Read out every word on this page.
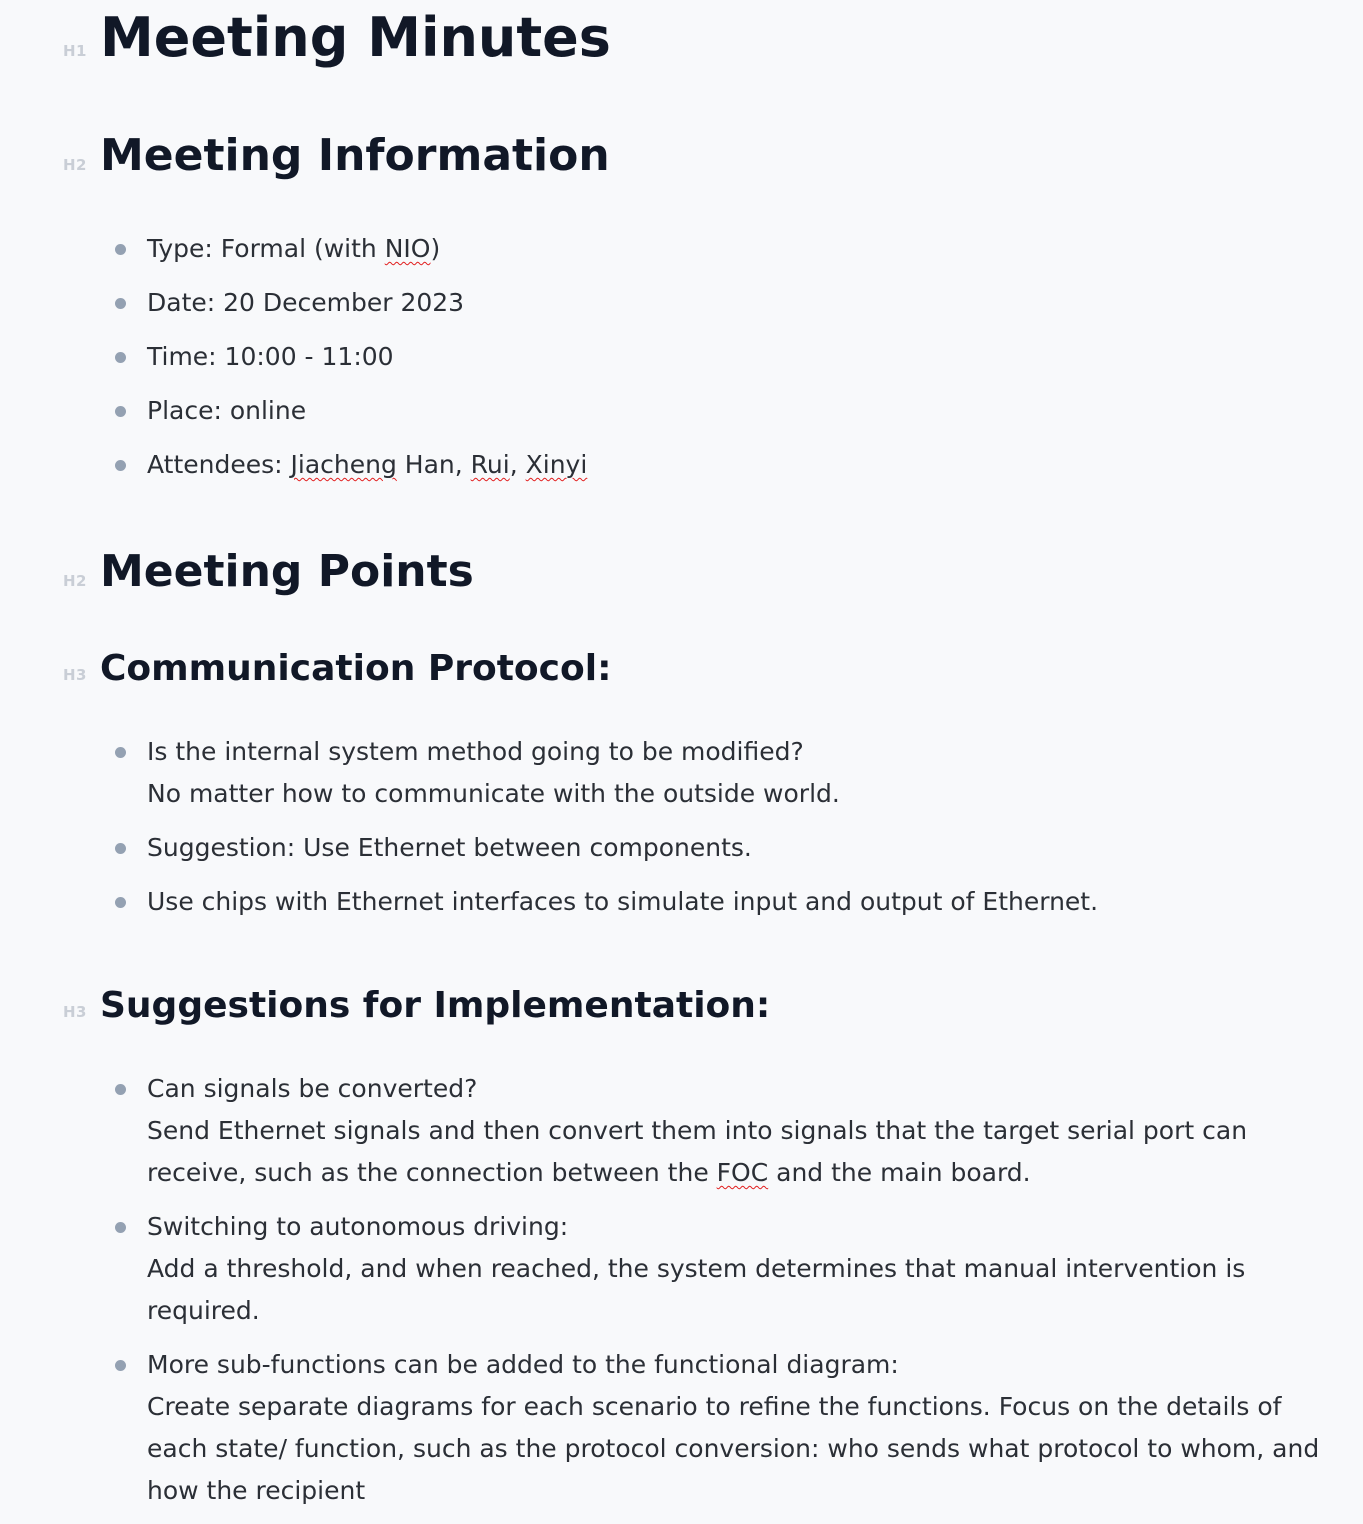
H1 Meeting Minutes
H2 Meeting Information
Type: Formal (with NIO)
Date: 20 December 2023
Time: 10:00 - 11:00
Place: online
Attendees: Jiacheng Han, Rui, Xinyi
H2 Meeting Points
H3 Communication Protocol:
Is the internal system method going to be modified?
No matter how to communicate with the outside world.
Suggestion: Use Ethernet between components.
Use chips with Ethernet interfaces to simulate input and output of Ethernet.
H3 Suggestions for Implementation:
Can signals be converted?
Send Ethernet signals and then convert them into signals that the target serial port can receive, such as the connection between the FOC and the main board.
Switching to autonomous driving:
Add a threshold, and when reached, the system determines that manual intervention is required.
More sub-functions can be added to the functional diagram:
Create separate diagrams for each scenario to refine the functions. Focus on the details of each state/ function, such as the protocol conversion: who sends what protocol to whom, and how the recipient
